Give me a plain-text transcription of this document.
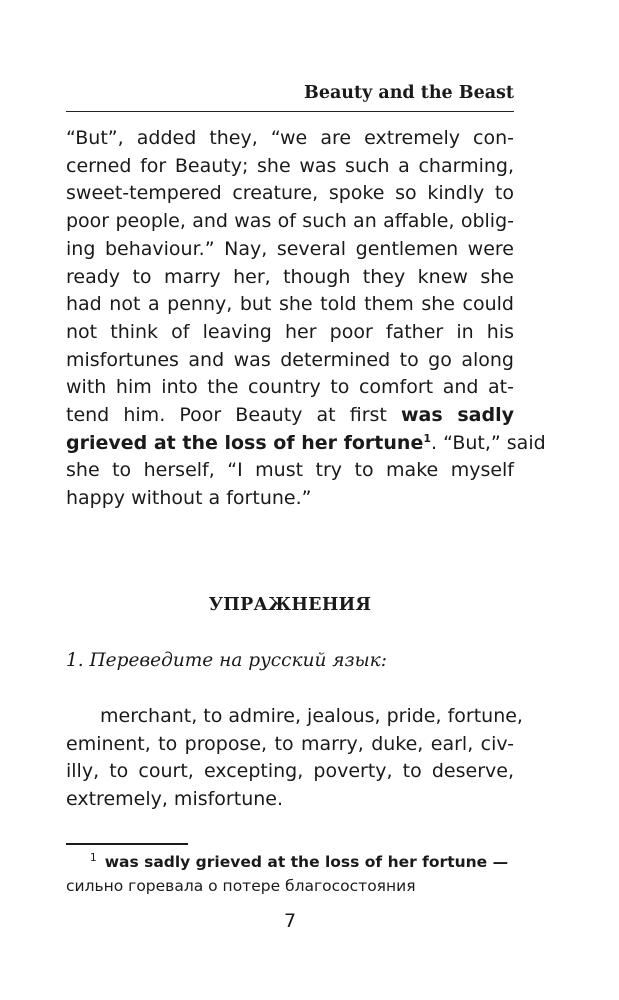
Beauty and the Beast
“But”, added they, “we are extremely con-
cerned for Beauty; she was such a charming,
sweet-tempered creature, spoke so kindly to
poor people, and was of such an affable, oblig-
ing behaviour.” Nay, several gentlemen were
ready to marry her, though they knew she
had not a penny, but she told them she could
not think of leaving her poor father in his
misfortunes and was determined to go along
with him into the country to comfort and at-
tend him. Poor Beauty at first was sadly
grieved at the loss of her fortune$^1$. “But,” said
she to herself, “I must try to make myself
happy without a fortune.”
УПРАЖНЕНИЯ
1. Переведите на русский язык:
merchant, to admire, jealous, pride, fortune,
eminent, to propose, to marry, duke, earl, civ-
illy, to court, excepting, poverty, to deserve,
extremely, misfortune.
$^1$ was sadly grieved at the loss of her fortune —
сильно горевала о потере благосостояния
7
